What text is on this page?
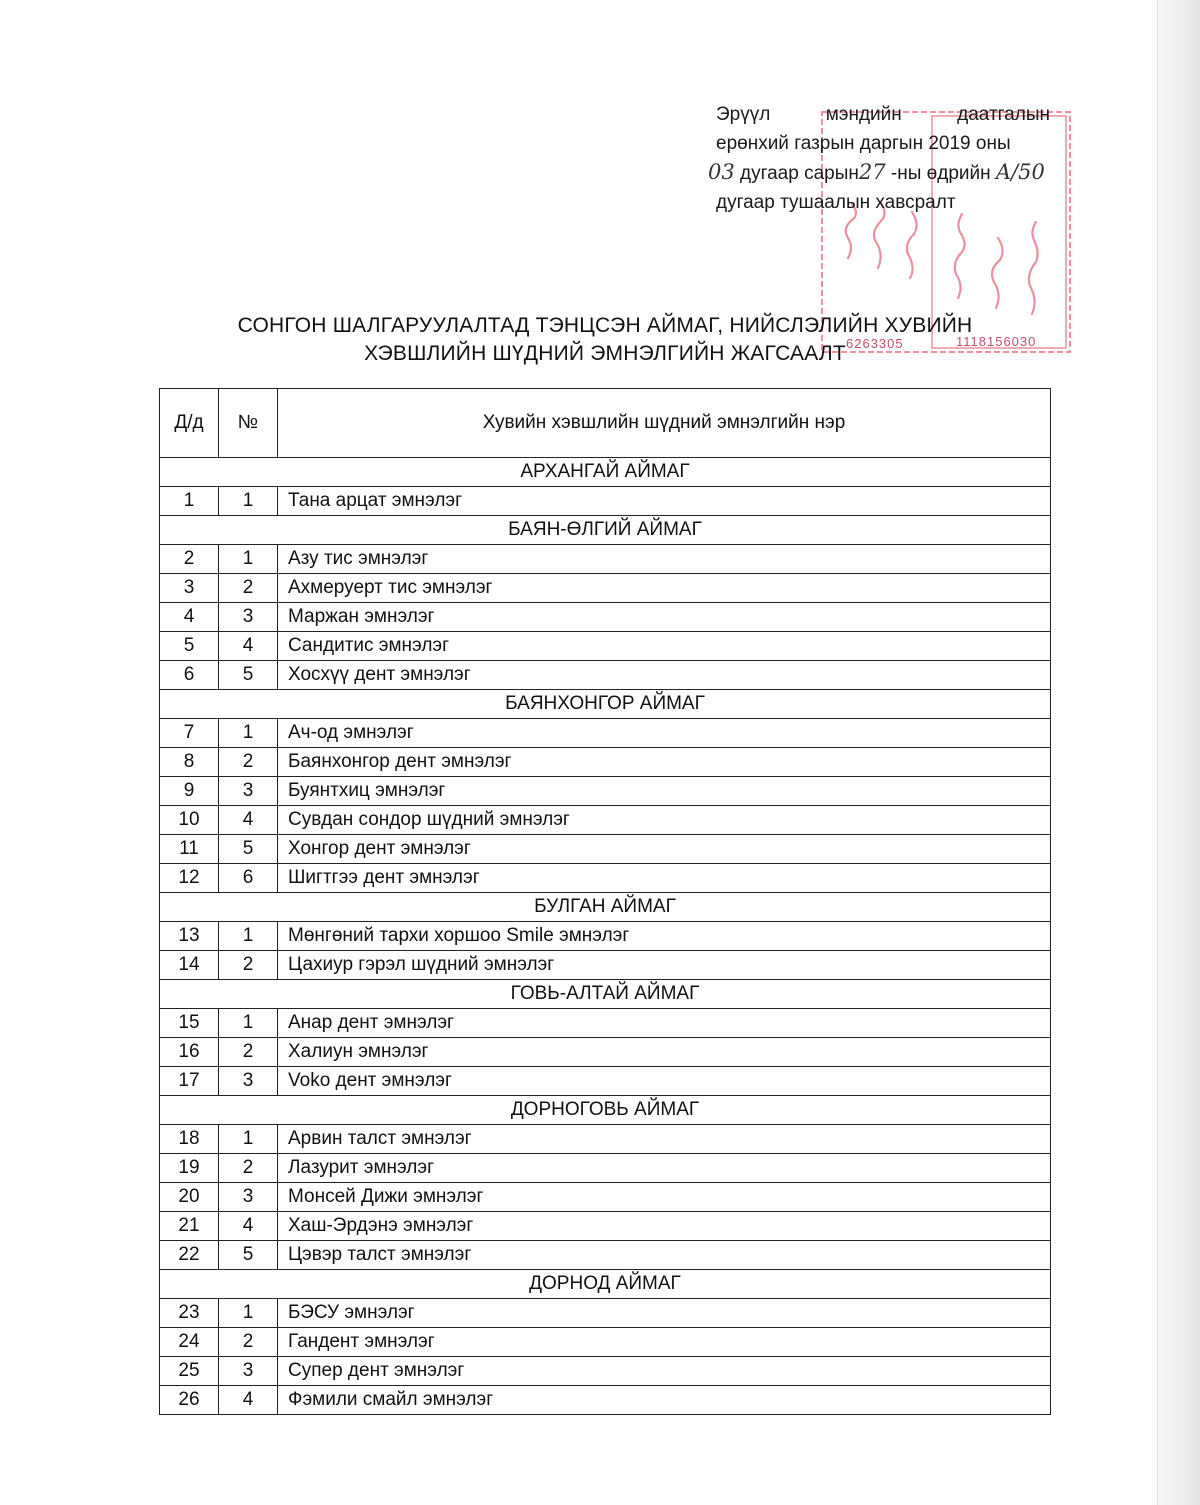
6263305	1118156030
Эрүүл	мэндийн	даатгалын
ерөнхий газрын даргын 2019 оны
03 дугаар сарын27 -ны өдрийн A/50
дугаар тушаалын хавсралт
СОНГОН ШАЛГАРУУЛАЛТАД ТЭНЦСЭН АЙМАГ, НИЙСЛЭЛИЙН ХУВИЙН
ХЭВШЛИЙН ШҮДНИЙ ЭМНЭЛГИЙН ЖАГСААЛТ
Д/д	№	Хувийн хэвшлийн шүдний эмнэлгийн нэр
АРХАНГАЙ АЙМАГ		
1	1	Тана арцат эмнэлэг
БАЯН-ӨЛГИЙ АЙМАГ		
2	1	Азу тис эмнэлэг
3	2	Ахмеруерт тис эмнэлэг
4	3	Маржан эмнэлэг
5	4	Сандитис эмнэлэг
6	5	Хосхүү дент эмнэлэг
БАЯНХОНГОР АЙМАГ		
7	1	Ач-од эмнэлэг
8	2	Баянхонгор дент эмнэлэг
9	3	Буянтхиц эмнэлэг
10	4	Сувдан сондор шүдний эмнэлэг
11	5	Хонгор дент эмнэлэг
12	6	Шигтгээ дент эмнэлэг
БУЛГАН АЙМАГ		
13	1	Мөнгөний тархи хоршоо Smile эмнэлэг
14	2	Цахиур гэрэл шүдний эмнэлэг
ГОВЬ-АЛТАЙ АЙМАГ		
15	1	Анар дент эмнэлэг
16	2	Халиун эмнэлэг
17	3	Voko дент эмнэлэг
ДОРНОГОВЬ АЙМАГ		
18	1	Арвин талст эмнэлэг
19	2	Лазурит эмнэлэг
20	3	Монсей Дижи эмнэлэг
21	4	Хаш-Эрдэнэ эмнэлэг
22	5	Цэвэр талст эмнэлэг
ДОРНОД АЙМАГ		
23	1	БЭСУ эмнэлэг
24	2	Гандент эмнэлэг
25	3	Супер дент эмнэлэг
26	4	Фэмили смайл эмнэлэг
